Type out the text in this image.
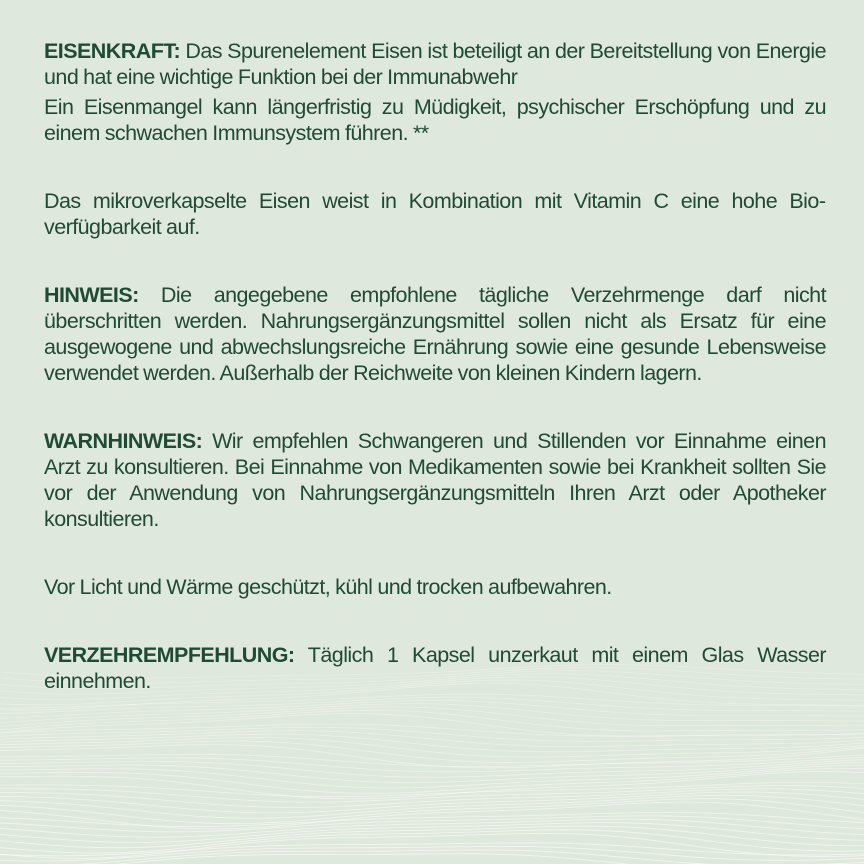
EISENKRAFT: Das Spurenelement Eisen ist beteiligt an der Bereitstellung von Energie und hat eine wichtige Funktion bei der Immunabwehr

Ein Eisenmangel kann längerfristig zu Müdigkeit, psychischer Erschöpfung und zu einem schwachen Immunsystem führen. **

Das mikroverkapselte Eisen weist in Kombination mit Vitamin C eine hohe Bioverfügbarkeit auf.

HINWEIS: Die angegebene empfohlene tägliche Verzehrmenge darf nicht überschritten werden. Nahrungsergänzungsmittel sollen nicht als Ersatz für eine ausgewogene und abwechslungsreiche Ernährung sowie eine gesunde Lebensweise verwendet werden. Außerhalb der Reichweite von kleinen Kindern lagern.

WARNHINWEIS: Wir empfehlen Schwangeren und Stillenden vor Einnahme einen Arzt zu konsultieren. Bei Einnahme von Medikamenten sowie bei Krankheit sollten Sie vor der Anwendung von Nahrungsergänzungsmitteln Ihren Arzt oder Apotheker konsultieren.

Vor Licht und Wärme geschützt, kühl und trocken aufbewahren.

VERZEHREMPFEHLUNG: Täglich 1 Kapsel unzerkaut mit einem Glas Wasser einnehmen.
